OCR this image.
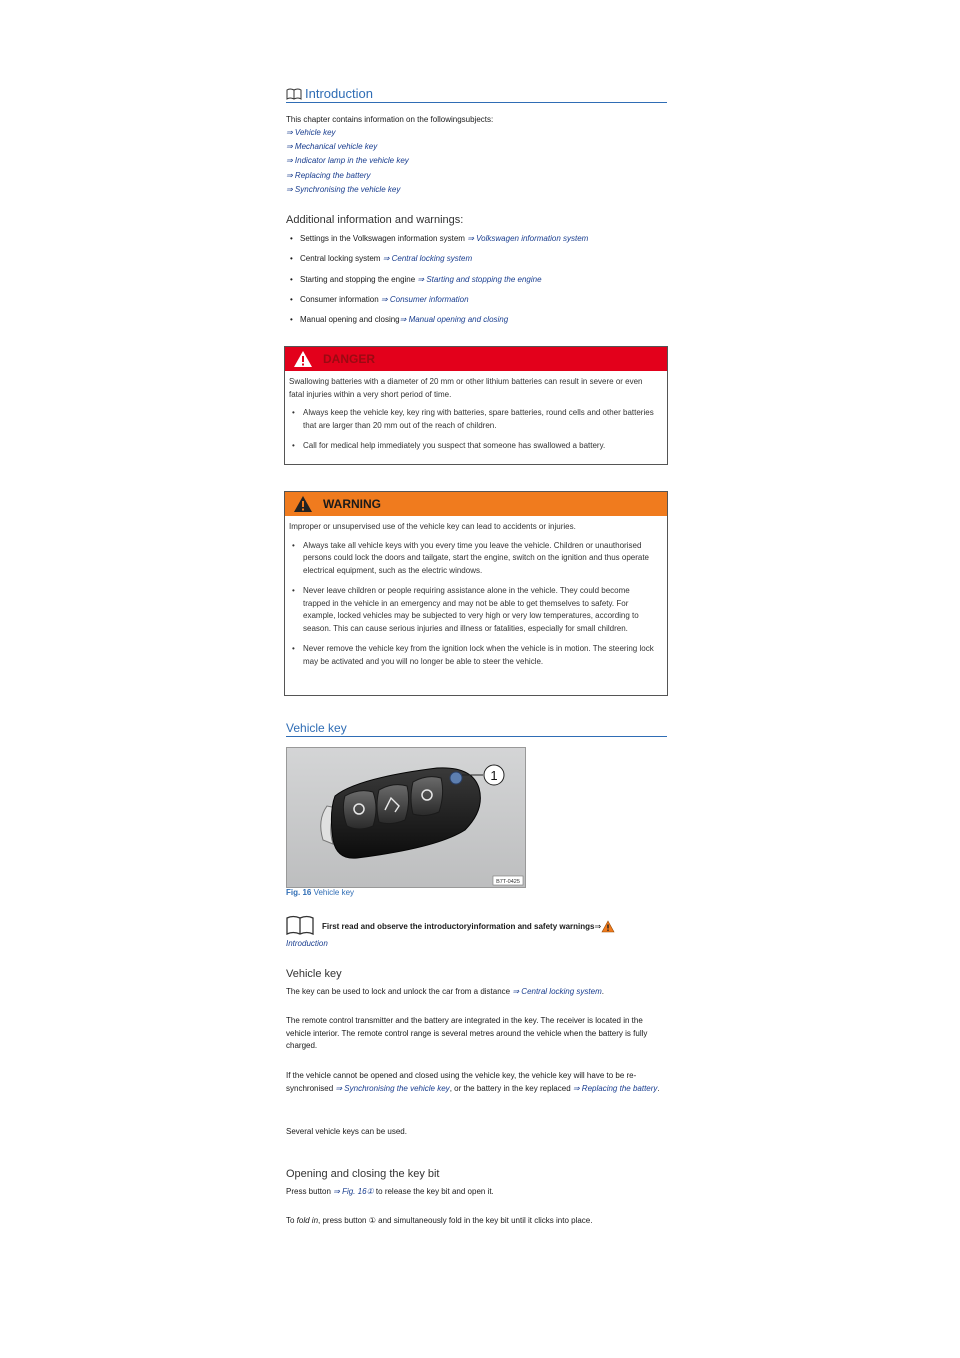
Introduction
This chapter contains information on the followingsubjects:
⇒ Vehicle key
⇒ Mechanical vehicle key
⇒ Indicator lamp in the vehicle key
⇒ Replacing the battery
⇒ Synchronising the vehicle key
Additional information and warnings:
• Settings in the Volkswagen information system ⇒ Volkswagen information system
• Central locking system ⇒ Central locking system
• Starting and stopping the engine ⇒ Starting and stopping the engine
• Consumer information ⇒ Consumer information
• Manual opening and closing⇒ Manual opening and closing
DANGER
Swallowing batteries with a diameter of 20 mm or other lithium batteries can result in severe or even fatal injuries within a very short period of time.
• Always keep the vehicle key, key ring with batteries, spare batteries, round cells and other batteries that are larger than 20 mm out of the reach of children.
• Call for medical help immediately you suspect that someone has swallowed a battery.
WARNING
Improper or unsupervised use of the vehicle key can lead to accidents or injuries.
• Always take all vehicle keys with you every time you leave the vehicle. Children or unauthorised persons could lock the doors and tailgate, start the engine, switch on the ignition and thus operate electrical equipment, such as the electric windows.
• Never leave children or people requiring assistance alone in the vehicle. They could become trapped in the vehicle in an emergency and may not be able to get themselves to safety. For example, locked vehicles may be subjected to very high or very low temperatures, according to season. This can cause serious injuries and illness or fatalities, especially for small children.
• Never remove the vehicle key from the ignition lock when the vehicle is in motion. The steering lock may be activated and you will no longer be able to steer the vehicle.
Vehicle key
1
B7T-0425
Fig. 16 Vehicle key
First read and observe the introductoryinformation and safety warnings⇒
Introduction
Vehicle key
The key can be used to lock and unlock the car from a distance ⇒ Central locking system.
The remote control transmitter and the battery are integrated in the key. The receiver is located in the vehicle interior. The remote control range is several metres around the vehicle when the battery is fully charged.
If the vehicle cannot be opened and closed using the vehicle key, the vehicle key will have to be re-synchronised ⇒ Synchronising the vehicle key, or the battery in the key replaced ⇒ Replacing the battery.
Several vehicle keys can be used.
Opening and closing the key bit
Press button ⇒ Fig. 16① to release the key bit and open it.
To fold in, press button ① and simultaneously fold in the key bit until it clicks into place.
